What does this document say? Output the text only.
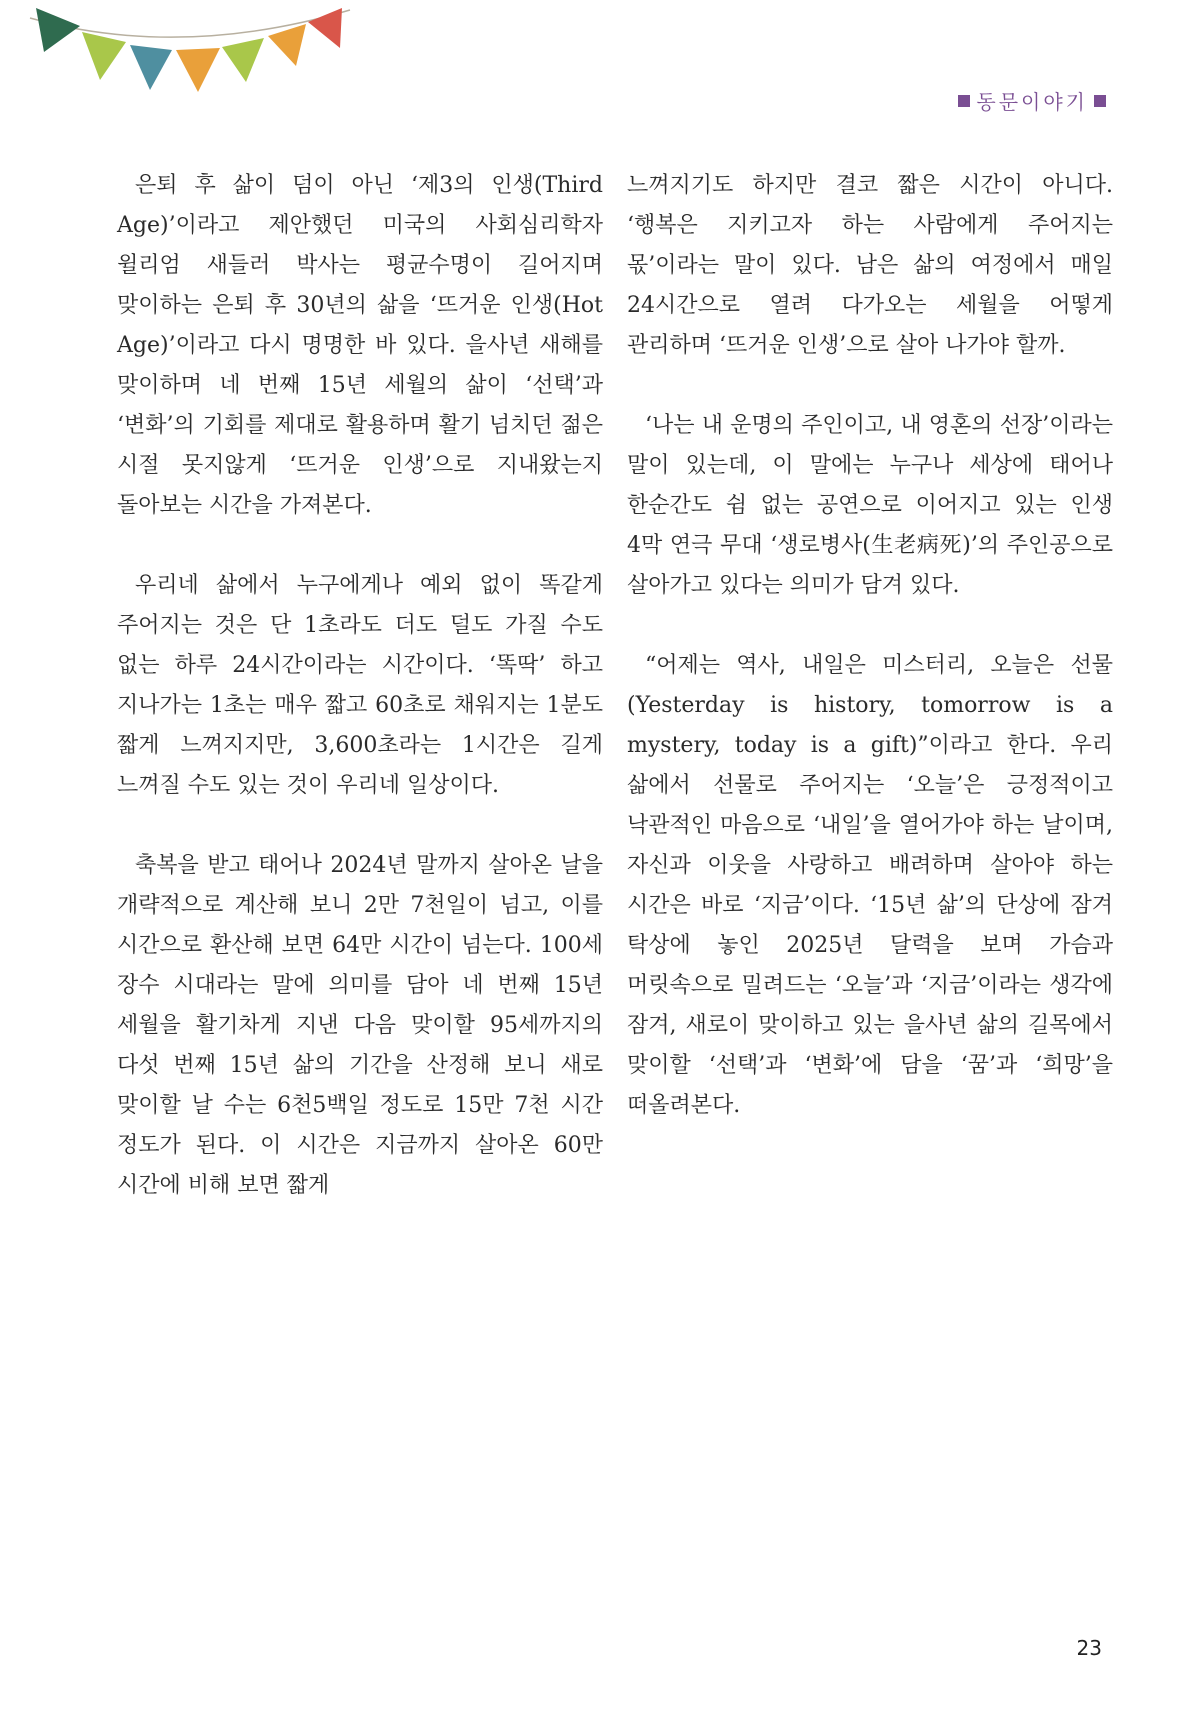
동문이야기

은퇴 후 삶이 덤이 아닌 ‘제3의 인생(Third Age)’이라고 제안했던 미국의 사회심리학자 윌리엄 새들러 박사는 평균수명이 길어지며 맞이하는 은퇴 후 30년의 삶을 ‘뜨거운 인생(Hot Age)’이라고 다시 명명한 바 있다. 을사년 새해를 맞이하며 네 번째 15년 세월의 삶이 ‘선택’과 ‘변화’의 기회를 제대로 활용하며 활기 넘치던 젊은 시절 못지않게 ‘뜨거운 인생’으로 지내왔는지 돌아보는 시간을 가져본다.

우리네 삶에서 누구에게나 예외 없이 똑같게 주어지는 것은 단 1초라도 더도 덜도 가질 수도 없는 하루 24시간이라는 시간이다. ‘똑딱’ 하고 지나가는 1초는 매우 짧고 60초로 채워지는 1분도 짧게 느껴지지만, 3,600초라는 1시간은 길게 느껴질 수도 있는 것이 우리네 일상이다.

축복을 받고 태어나 2024년 말까지 살아온 날을 개략적으로 계산해 보니 2만 7천일이 넘고, 이를 시간으로 환산해 보면 64만 시간이 넘는다. 100세 장수 시대라는 말에 의미를 담아 네 번째 15년 세월을 활기차게 지낸 다음 맞이할 95세까지의 다섯 번째 15년 삶의 기간을 산정해 보니 새로 맞이할 날 수는 6천5백일 정도로 15만 7천 시간 정도가 된다. 이 시간은 지금까지 살아온 60만 시간에 비해 보면 짧게

느껴지기도 하지만 결코 짧은 시간이 아니다. ‘행복은 지키고자 하는 사람에게 주어지는 몫’이라는 말이 있다. 남은 삶의 여정에서 매일 24시간으로 열려 다가오는 세월을 어떻게 관리하며 ‘뜨거운 인생’으로 살아 나가야 할까.

‘나는 내 운명의 주인이고, 내 영혼의 선장’이라는 말이 있는데, 이 말에는 누구나 세상에 태어나 한순간도 쉼 없는 공연으로 이어지고 있는 인생 4막 연극 무대 ‘생로병사(生老病死)’의 주인공으로 살아가고 있다는 의미가 담겨 있다.

“어제는 역사, 내일은 미스터리, 오늘은 선물(Yesterday is history, tomorrow is a mystery, today is a gift)”이라고 한다. 우리 삶에서 선물로 주어지는 ‘오늘’은 긍정적이고 낙관적인 마음으로 ‘내일’을 열어가야 하는 날이며, 자신과 이웃을 사랑하고 배려하며 살아야 하는 시간은 바로 ‘지금’이다. ‘15년 삶’의 단상에 잠겨 탁상에 놓인 2025년 달력을 보며 가슴과 머릿속으로 밀려드는 ‘오늘’과 ‘지금’이라는 생각에 잠겨, 새로이 맞이하고 있는 을사년 삶의 길목에서 맞이할 ‘선택’과 ‘변화’에 담을 ‘꿈’과 ‘희망’을 떠올려본다.

23
